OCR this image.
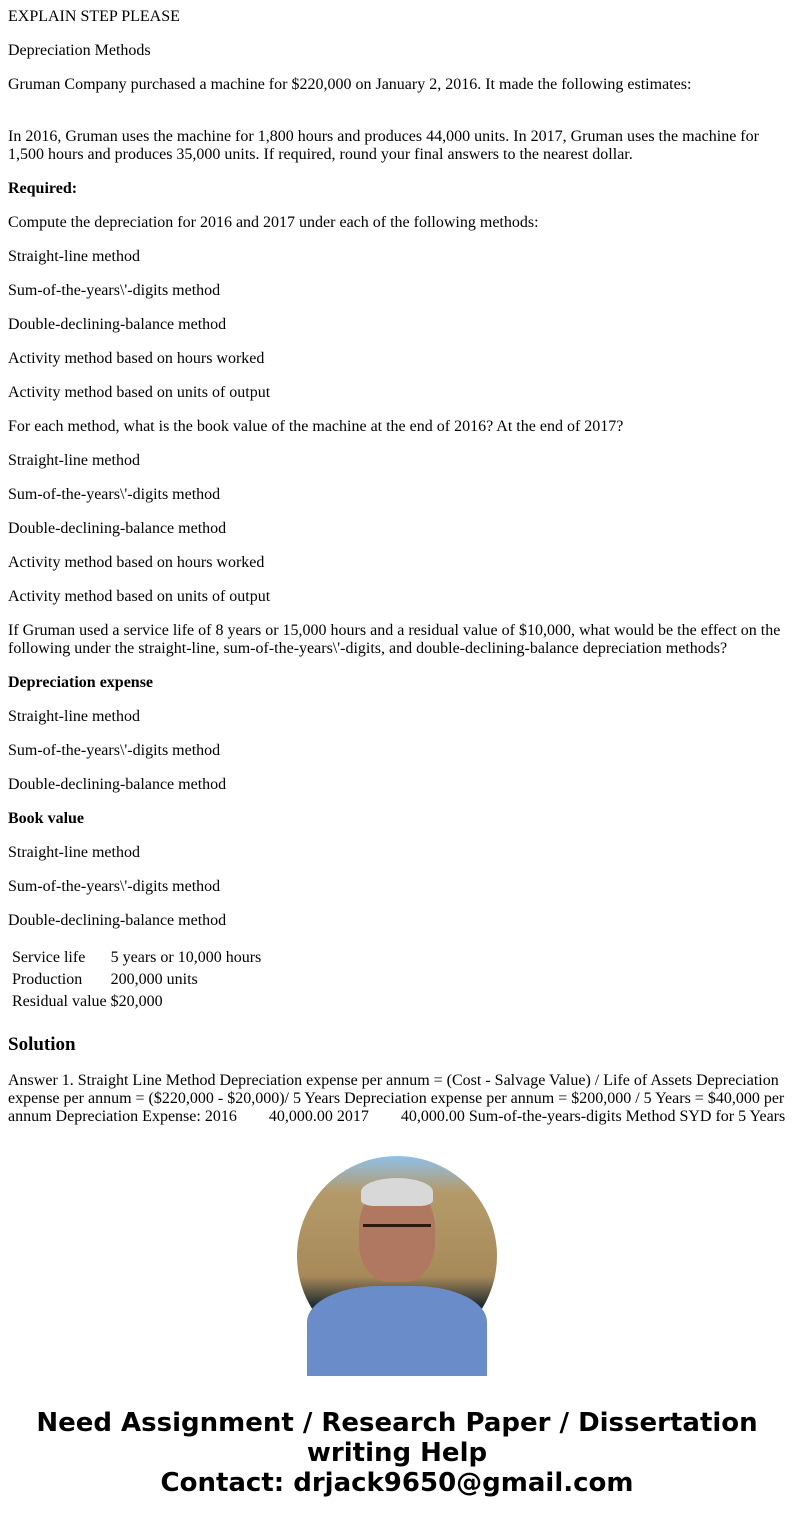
EXPLAIN STEP PLEASE

Depreciation Methods

Gruman Company purchased a machine for $220,000 on January 2, 2016. It made the following estimates:

In 2016, Gruman uses the machine for 1,800 hours and produces 44,000 units. In 2017, Gruman uses the machine for 1,500 hours and produces 35,000 units. If required, round your final answers to the nearest dollar.

Required:

Compute the depreciation for 2016 and 2017 under each of the following methods:

Straight-line method

Sum-of-the-years\'-digits method

Double-declining-balance method

Activity method based on hours worked

Activity method based on units of output

For each method, what is the book value of the machine at the end of 2016? At the end of 2017?

Straight-line method

Sum-of-the-years\'-digits method

Double-declining-balance method

Activity method based on hours worked

Activity method based on units of output

If Gruman used a service life of 8 years or 15,000 hours and a residual value of $10,000, what would be the effect on the following under the straight-line, sum-of-the-years\'-digits, and double-declining-balance depreciation methods?

Depreciation expense

Straight-line method

Sum-of-the-years\'-digits method

Double-declining-balance method

Book value

Straight-line method

Sum-of-the-years\'-digits method

Double-declining-balance method

Service life	5 years or 10,000 hours
Production	200,000 units
Residual value	$20,000
Solution

Answer 1. Straight Line Method Depreciation expense per annum = (Cost - Salvage Value) / Life of Assets Depreciation expense per annum = ($220,000 - $20,000)/ 5 Years Depreciation expense per annum = $200,000 / 5 Years = $40,000 per annum Depreciation Expense: 2016        40,000.00 2017        40,000.00 Sum-of-the-years-digits Method SYD for 5 Years

Need Assignment / Research Paper / Dissertation writing Help
Contact: drjack9650@gmail.com
